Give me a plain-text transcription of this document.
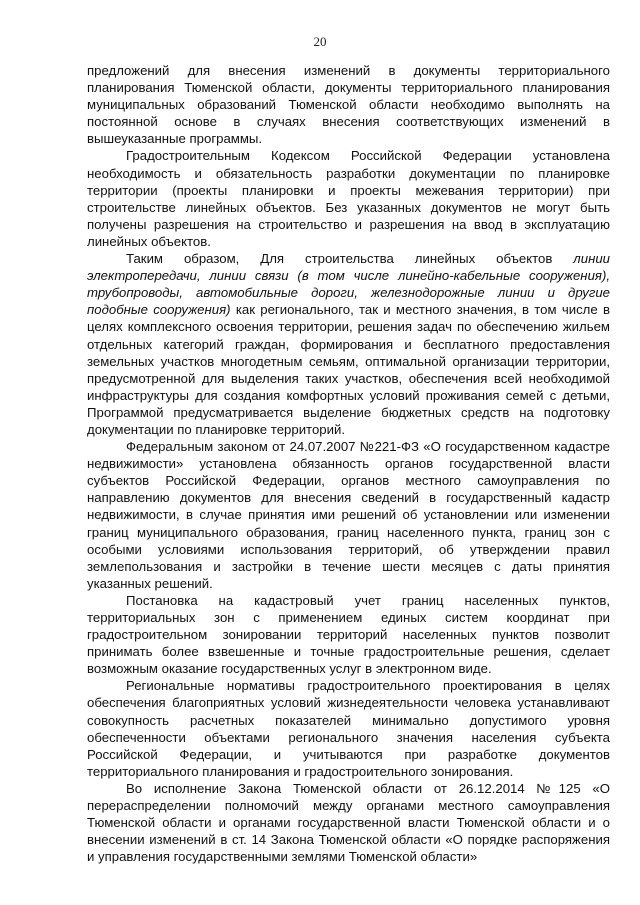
20

предложений для внесения изменений в документы территориального планирования Тюменской области, документы территориального планирования муниципальных образований Тюменской области необходимо выполнять на постоянной основе в случаях внесения соответствующих изменений в вышеуказанные программы.

Градостроительным Кодексом Российской Федерации установлена необходимость и обязательность разработки документации по планировке территории (проекты планировки и проекты межевания территории) при строительстве линейных объектов. Без указанных документов не могут быть получены разрешения на строительство и разрешения на ввод в эксплуатацию линейных объектов.

Таким образом, Для строительства линейных объектов линии электропередачи, линии связи (в том числе линейно-кабельные сооружения), трубопроводы, автомобильные дороги, железнодорожные линии и другие подобные сооружения) как регионального, так и местного значения, в том числе в целях комплексного освоения территории, решения задач по обеспечению жильем отдельных категорий граждан, формирования и бесплатного предоставления земельных участков многодетным семьям, оптимальной организации территории, предусмотренной для выделения таких участков, обеспечения всей необходимой инфраструктуры для создания комфортных условий проживания семей с детьми, Программой предусматривается выделение бюджетных средств на подготовку документации по планировке территорий.

Федеральным законом от 24.07.2007 №221-ФЗ «О государственном кадастре недвижимости» установлена обязанность органов государственной власти субъектов Российской Федерации, органов местного самоуправления по направлению документов для внесения сведений в государственный кадастр недвижимости, в случае принятия ими решений об установлении или изменении границ муниципального образования, границ населенного пункта, границ зон с особыми условиями использования территорий, об утверждении правил землепользования и застройки в течение шести месяцев с даты принятия указанных решений.

Постановка на кадастровый учет границ населенных пунктов, территориальных зон с применением единых систем координат при градостроительном зонировании территорий населенных пунктов позволит принимать более взвешенные и точные градостроительные решения, сделает возможным оказание государственных услуг в электронном виде.

Региональные нормативы градостроительного проектирования в целях обеспечения благоприятных условий жизнедеятельности человека устанавливают совокупность расчетных показателей минимально допустимого уровня обеспеченности объектами регионального значения населения субъекта Российской Федерации, и учитываются при разработке документов территориального планирования и градостроительного зонирования.

Во исполнение Закона Тюменской области от 26.12.2014 №125 «О перераспределении полномочий между органами местного самоуправления Тюменской области и органами государственной власти Тюменской области и о внесении изменений в ст. 14 Закона Тюменской области «О порядке распоряжения и управления государственными землями Тюменской области»
